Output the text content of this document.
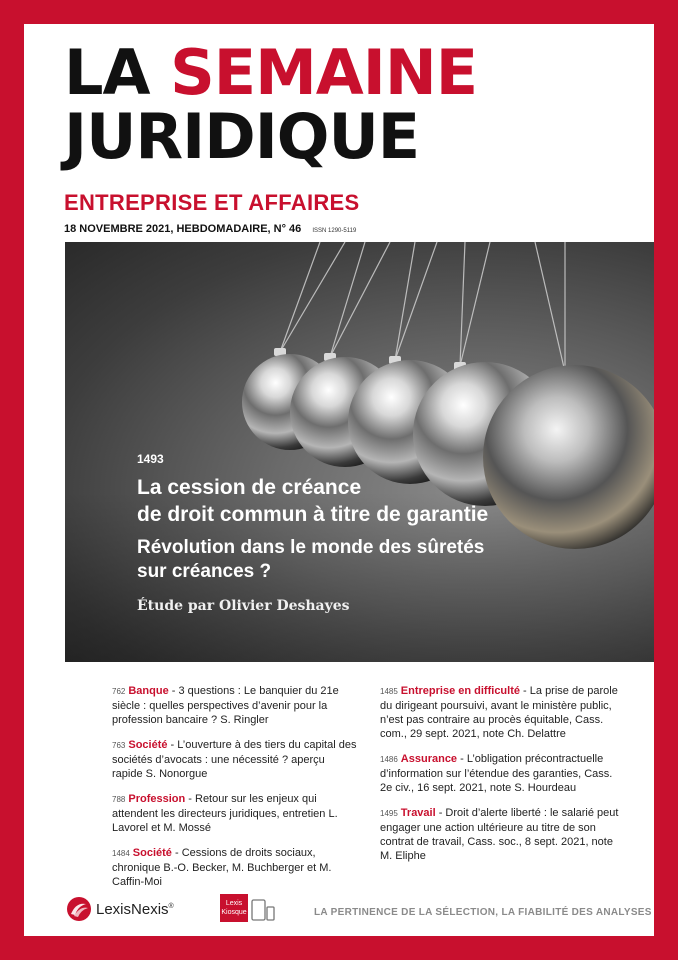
LA SEMAINE
JURIDIQUE
ENTREPRISE ET AFFAIRES
18 NOVEMBRE 2021, HEBDOMADAIRE, N° 46 ISSN 1290-5119
1493
La cession de créance
de droit commun à titre de garantie
Révolution dans le monde des sûretés
sur créances ?
Étude par Olivier Deshayes
762 Banque - 3 questions : Le banquier du 21e siècle : quelles perspectives d’avenir pour la profession bancaire ? S. Ringler
763 Société - L’ouverture à des tiers du capital des sociétés d’avocats : une nécessité ? aperçu rapide S. Nonorgue
788 Profession - Retour sur les enjeux qui attendent les directeurs juridiques, entretien L. Lavorel et M. Mossé
1484 Société - Cessions de droits sociaux, chronique B.-O. Becker, M. Buchberger et M. Caffin-Moi
1485 Entreprise en difficulté - La prise de parole du dirigeant poursuivi, avant le ministère public, n’est pas contraire au procès équitable, Cass. com., 29 sept. 2021, note Ch. Delattre
1486 Assurance - L’obligation précontractuelle d’information sur l’étendue des garanties, Cass. 2e civ., 16 sept. 2021, note S. Hourdeau
1495 Travail - Droit d’alerte liberté : le salarié peut engager une action ultérieure au titre de son contrat de travail, Cass. soc., 8 sept. 2021, note M. Eliphe
LexisNexis®	Lexis
Kiosque	LA PERTINENCE DE LA SÉLECTION, LA FIABILITÉ DES ANALYSES
